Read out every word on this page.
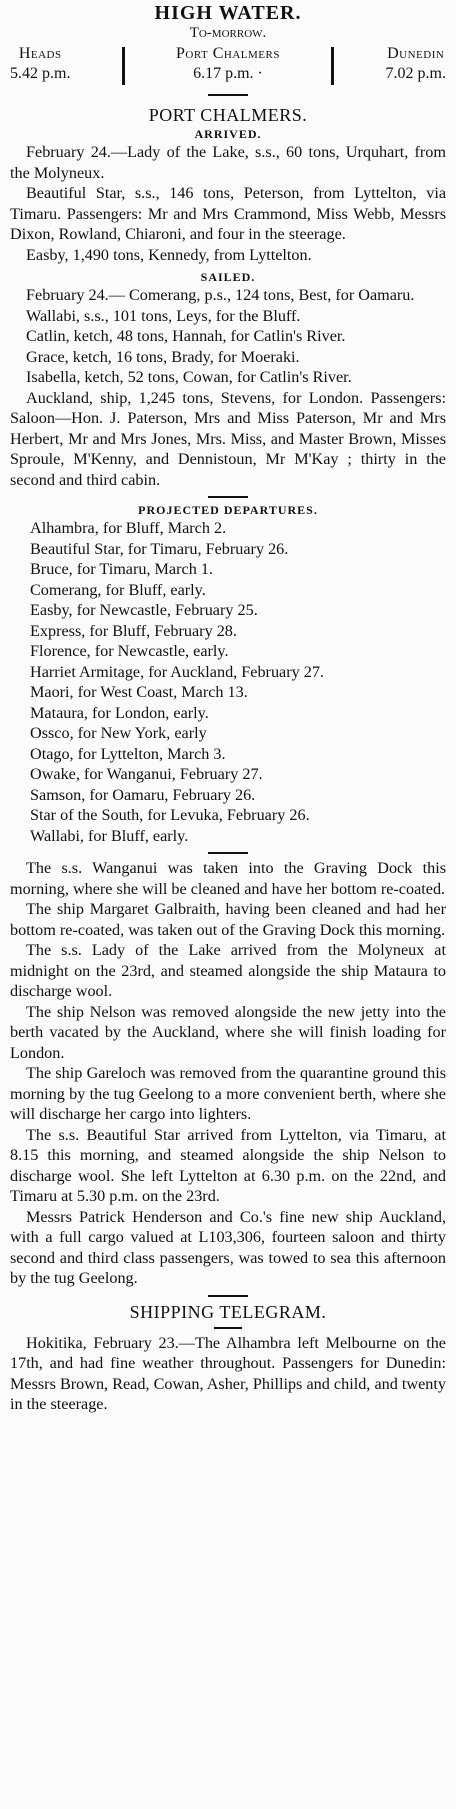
HIGH WATER.
To-morrow.
Heads
5.42 p.m.
Port Chalmers
6.17 p.m. ·
Dunedin
7.02 p.m.
PORT CHALMERS.
ARRIVED.

February 24.—Lady of the Lake, s.s., 60 tons, Urquhart, from the Molyneux.

Beautiful Star, s.s., 146 tons, Peterson, from Lyttelton, via Timaru. Passengers: Mr and Mrs Crammond, Miss Webb, Messrs Dixon, Rowland, Chiaroni, and four in the steerage.

Easby, 1,490 tons, Kennedy, from Lyttelton.

SAILED.

February 24.— Comerang, p.s., 124 tons, Best, for Oamaru.

Wallabi, s.s., 101 tons, Leys, for the Bluff.

Catlin, ketch, 48 tons, Hannah, for Catlin's River.

Grace, ketch, 16 tons, Brady, for Moeraki.

Isabella, ketch, 52 tons, Cowan, for Catlin's River.

Auckland, ship, 1,245 tons, Stevens, for London. Passengers: Saloon—Hon. J. Paterson, Mrs and Miss Paterson, Mr and Mrs Herbert, Mr and Mrs Jones, Mrs. Miss, and Master Brown, Misses Sproule, M'Kenny, and Dennistoun, Mr M'Kay ; thirty in the second and third cabin.

PROJECTED DEPARTURES.

Alhambra, for Bluff, March 2.

Beautiful Star, for Timaru, February 26.

Bruce, for Timaru, March 1.

Comerang, for Bluff, early.

Easby, for Newcastle, February 25.

Express, for Bluff, February 28.

Florence, for Newcastle, early.

Harriet Armitage, for Auckland, February 27.

Maori, for West Coast, March 13.

Mataura, for London, early.

Ossco, for New York, early

Otago, for Lyttelton, March 3.

Owake, for Wanganui, February 27.

Samson, for Oamaru, February 26.

Star of the South, for Levuka, February 26.

Wallabi, for Bluff, early.

The s.s. Wanganui was taken into the Graving Dock this morning, where she will be cleaned and have her bottom re-coated.

The ship Margaret Galbraith, having been cleaned and had her bottom re-coated, was taken out of the Graving Dock this morning.

The s.s. Lady of the Lake arrived from the Molyneux at midnight on the 23rd, and steamed alongside the ship Mataura to discharge wool.

The ship Nelson was removed alongside the new jetty into the berth vacated by the Auckland, where she will finish loading for London.

The ship Gareloch was removed from the quarantine ground this morning by the tug Geelong to a more convenient berth, where she will discharge her cargo into lighters.

The s.s. Beautiful Star arrived from Lyttelton, via Timaru, at 8.15 this morning, and steamed alongside the ship Nelson to discharge wool. She left Lyttelton at 6.30 p.m. on the 22nd, and Timaru at 5.30 p.m. on the 23rd.

Messrs Patrick Henderson and Co.'s fine new ship Auckland, with a full cargo valued at L103,306, fourteen saloon and thirty second and third class passengers, was towed to sea this afternoon by the tug Geelong.

SHIPPING TELEGRAM.

Hokitika, February 23.—The Alhambra left Melbourne on the 17th, and had fine weather throughout. Passengers for Dunedin: Messrs Brown, Read, Cowan, Asher, Phillips and child, and twenty in the steerage.
